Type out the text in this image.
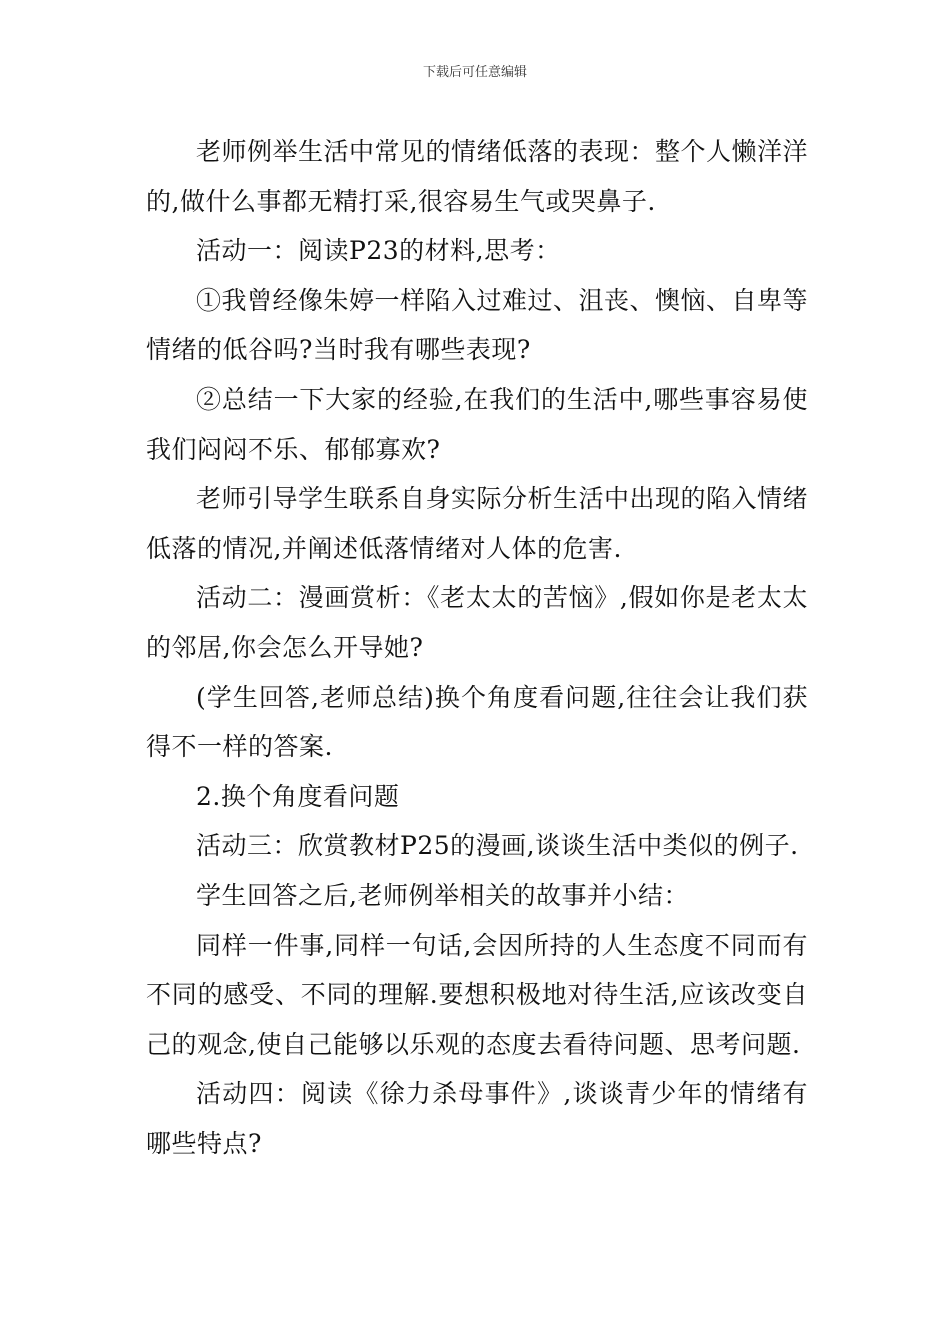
下载后可任意编辑

老师例举生活中常见的情绪低落的表现：整个人懒洋洋的,做什么事都无精打采,很容易生气或哭鼻子.

活动一：阅读P23的材料,思考：

①我曾经像朱婷一样陷入过难过、沮丧、懊恼、自卑等情绪的低谷吗?当时我有哪些表现?

②总结一下大家的经验,在我们的生活中,哪些事容易使我们闷闷不乐、郁郁寡欢?

老师引导学生联系自身实际分析生活中出现的陷入情绪低落的情况,并阐述低落情绪对人体的危害.

活动二：漫画赏析：《老太太的苦恼》,假如你是老太太的邻居,你会怎么开导她?

(学生回答,老师总结)换个角度看问题,往往会让我们获得不一样的答案.

2.换个角度看问题

活动三：欣赏教材P25的漫画,谈谈生活中类似的例子.

学生回答之后,老师例举相关的故事并小结：

同样一件事,同样一句话,会因所持的人生态度不同而有不同的感受、不同的理解.要想积极地对待生活,应该改变自己的观念,使自己能够以乐观的态度去看待问题、思考问题.

活动四：阅读《徐力杀母事件》,谈谈青少年的情绪有哪些特点?
